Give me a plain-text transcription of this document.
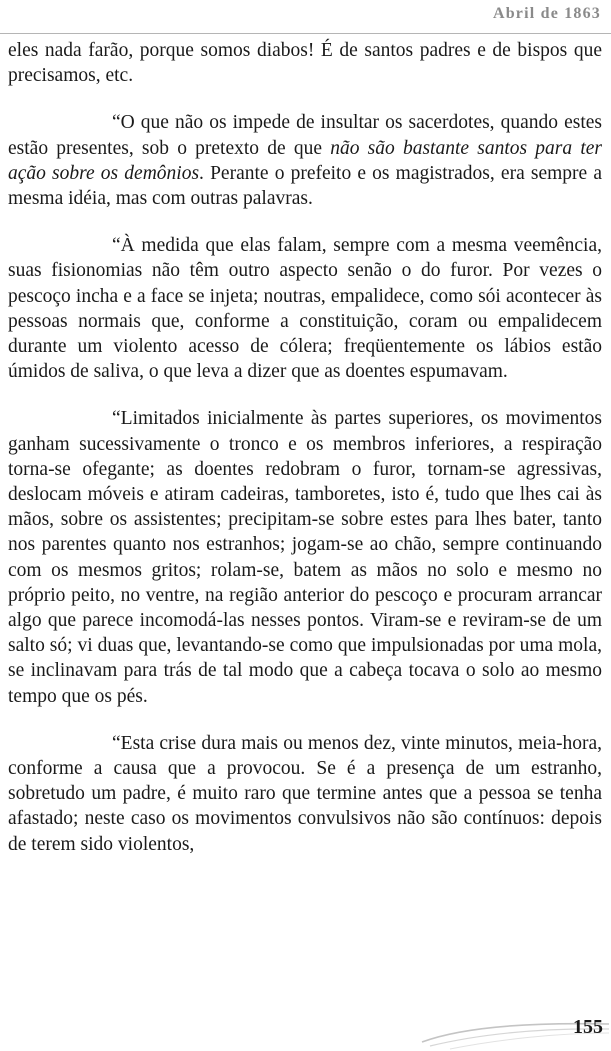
Abril de 1863

eles nada farão, porque somos diabos! É de santos padres e de bispos que precisamos, etc.

“O que não os impede de insultar os sacerdotes, quando estes estão presentes, sob o pretexto de que não são bastante santos para ter ação sobre os demônios. Perante o prefeito e os magistrados, era sempre a mesma idéia, mas com outras palavras.

“À medida que elas falam, sempre com a mesma veemência, suas fisionomias não têm outro aspecto senão o do furor. Por vezes o pescoço incha e a face se injeta; noutras, empalidece, como sói acontecer às pessoas normais que, conforme a constituição, coram ou empalidecem durante um violento acesso de cólera; freqüentemente os lábios estão úmidos de saliva, o que leva a dizer que as doentes espumavam.

“Limitados inicialmente às partes superiores, os movimentos ganham sucessivamente o tronco e os membros inferiores, a respiração torna-se ofegante; as doentes redobram o furor, tornam-se agressivas, deslocam móveis e atiram cadeiras, tamboretes, isto é, tudo que lhes cai às mãos, sobre os assistentes; precipitam-se sobre estes para lhes bater, tanto nos parentes quanto nos estranhos; jogam-se ao chão, sempre continuando com os mesmos gritos; rolam-se, batem as mãos no solo e mesmo no próprio peito, no ventre, na região anterior do pescoço e procuram arrancar algo que parece incomodá-las nesses pontos. Viram-se e reviram-se de um salto só; vi duas que, levantando-se como que impulsionadas por uma mola, se inclinavam para trás de tal modo que a cabeça tocava o solo ao mesmo tempo que os pés.

“Esta crise dura mais ou menos dez, vinte minutos, meia-hora, conforme a causa que a provocou. Se é a presença de um estranho, sobretudo um padre, é muito raro que termine antes que a pessoa se tenha afastado; neste caso os movimentos convulsivos não são contínuos: depois de terem sido violentos,

155
